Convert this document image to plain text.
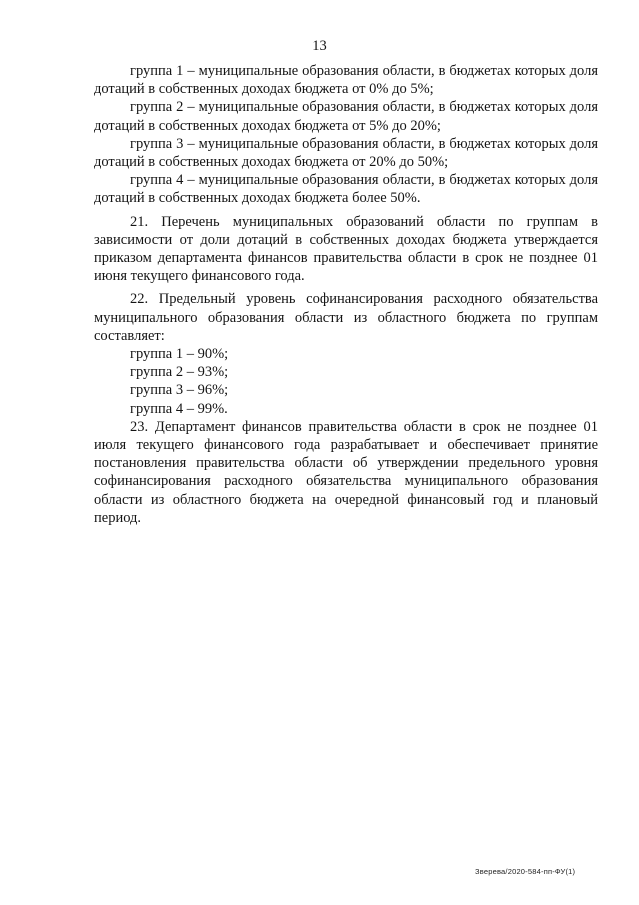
13

группа 1 – муниципальные образования области, в бюджетах которых доля дотаций в собственных доходах бюджета от 0% до 5%;

группа 2 – муниципальные образования области, в бюджетах которых доля дотаций в собственных доходах бюджета от 5% до 20%;

группа 3 – муниципальные образования области, в бюджетах которых доля дотаций в собственных доходах бюджета от 20% до 50%;

группа 4 – муниципальные образования области, в бюджетах которых доля дотаций в собственных доходах бюджета более 50%.

21. Перечень муниципальных образований области по группам в зависимости от доли дотаций в собственных доходах бюджета утверждается приказом департамента финансов правительства области в срок не позднее 01 июня текущего финансового года.

22. Предельный уровень софинансирования расходного обязательства муниципального образования области из областного бюджета по группам составляет:

группа 1 – 90%;

группа 2 – 93%;

группа 3 – 96%;

группа 4 – 99%.

23. Департамент финансов правительства области в срок не позднее 01 июля текущего финансового года разрабатывает и обеспечивает принятие постановления правительства области об утверждении предельного уровня софинансирования расходного обязательства муниципального образования области из областного бюджета на очередной финансовый год и плановый период.

Зверева/2020-584-пп-ФУ(1)
